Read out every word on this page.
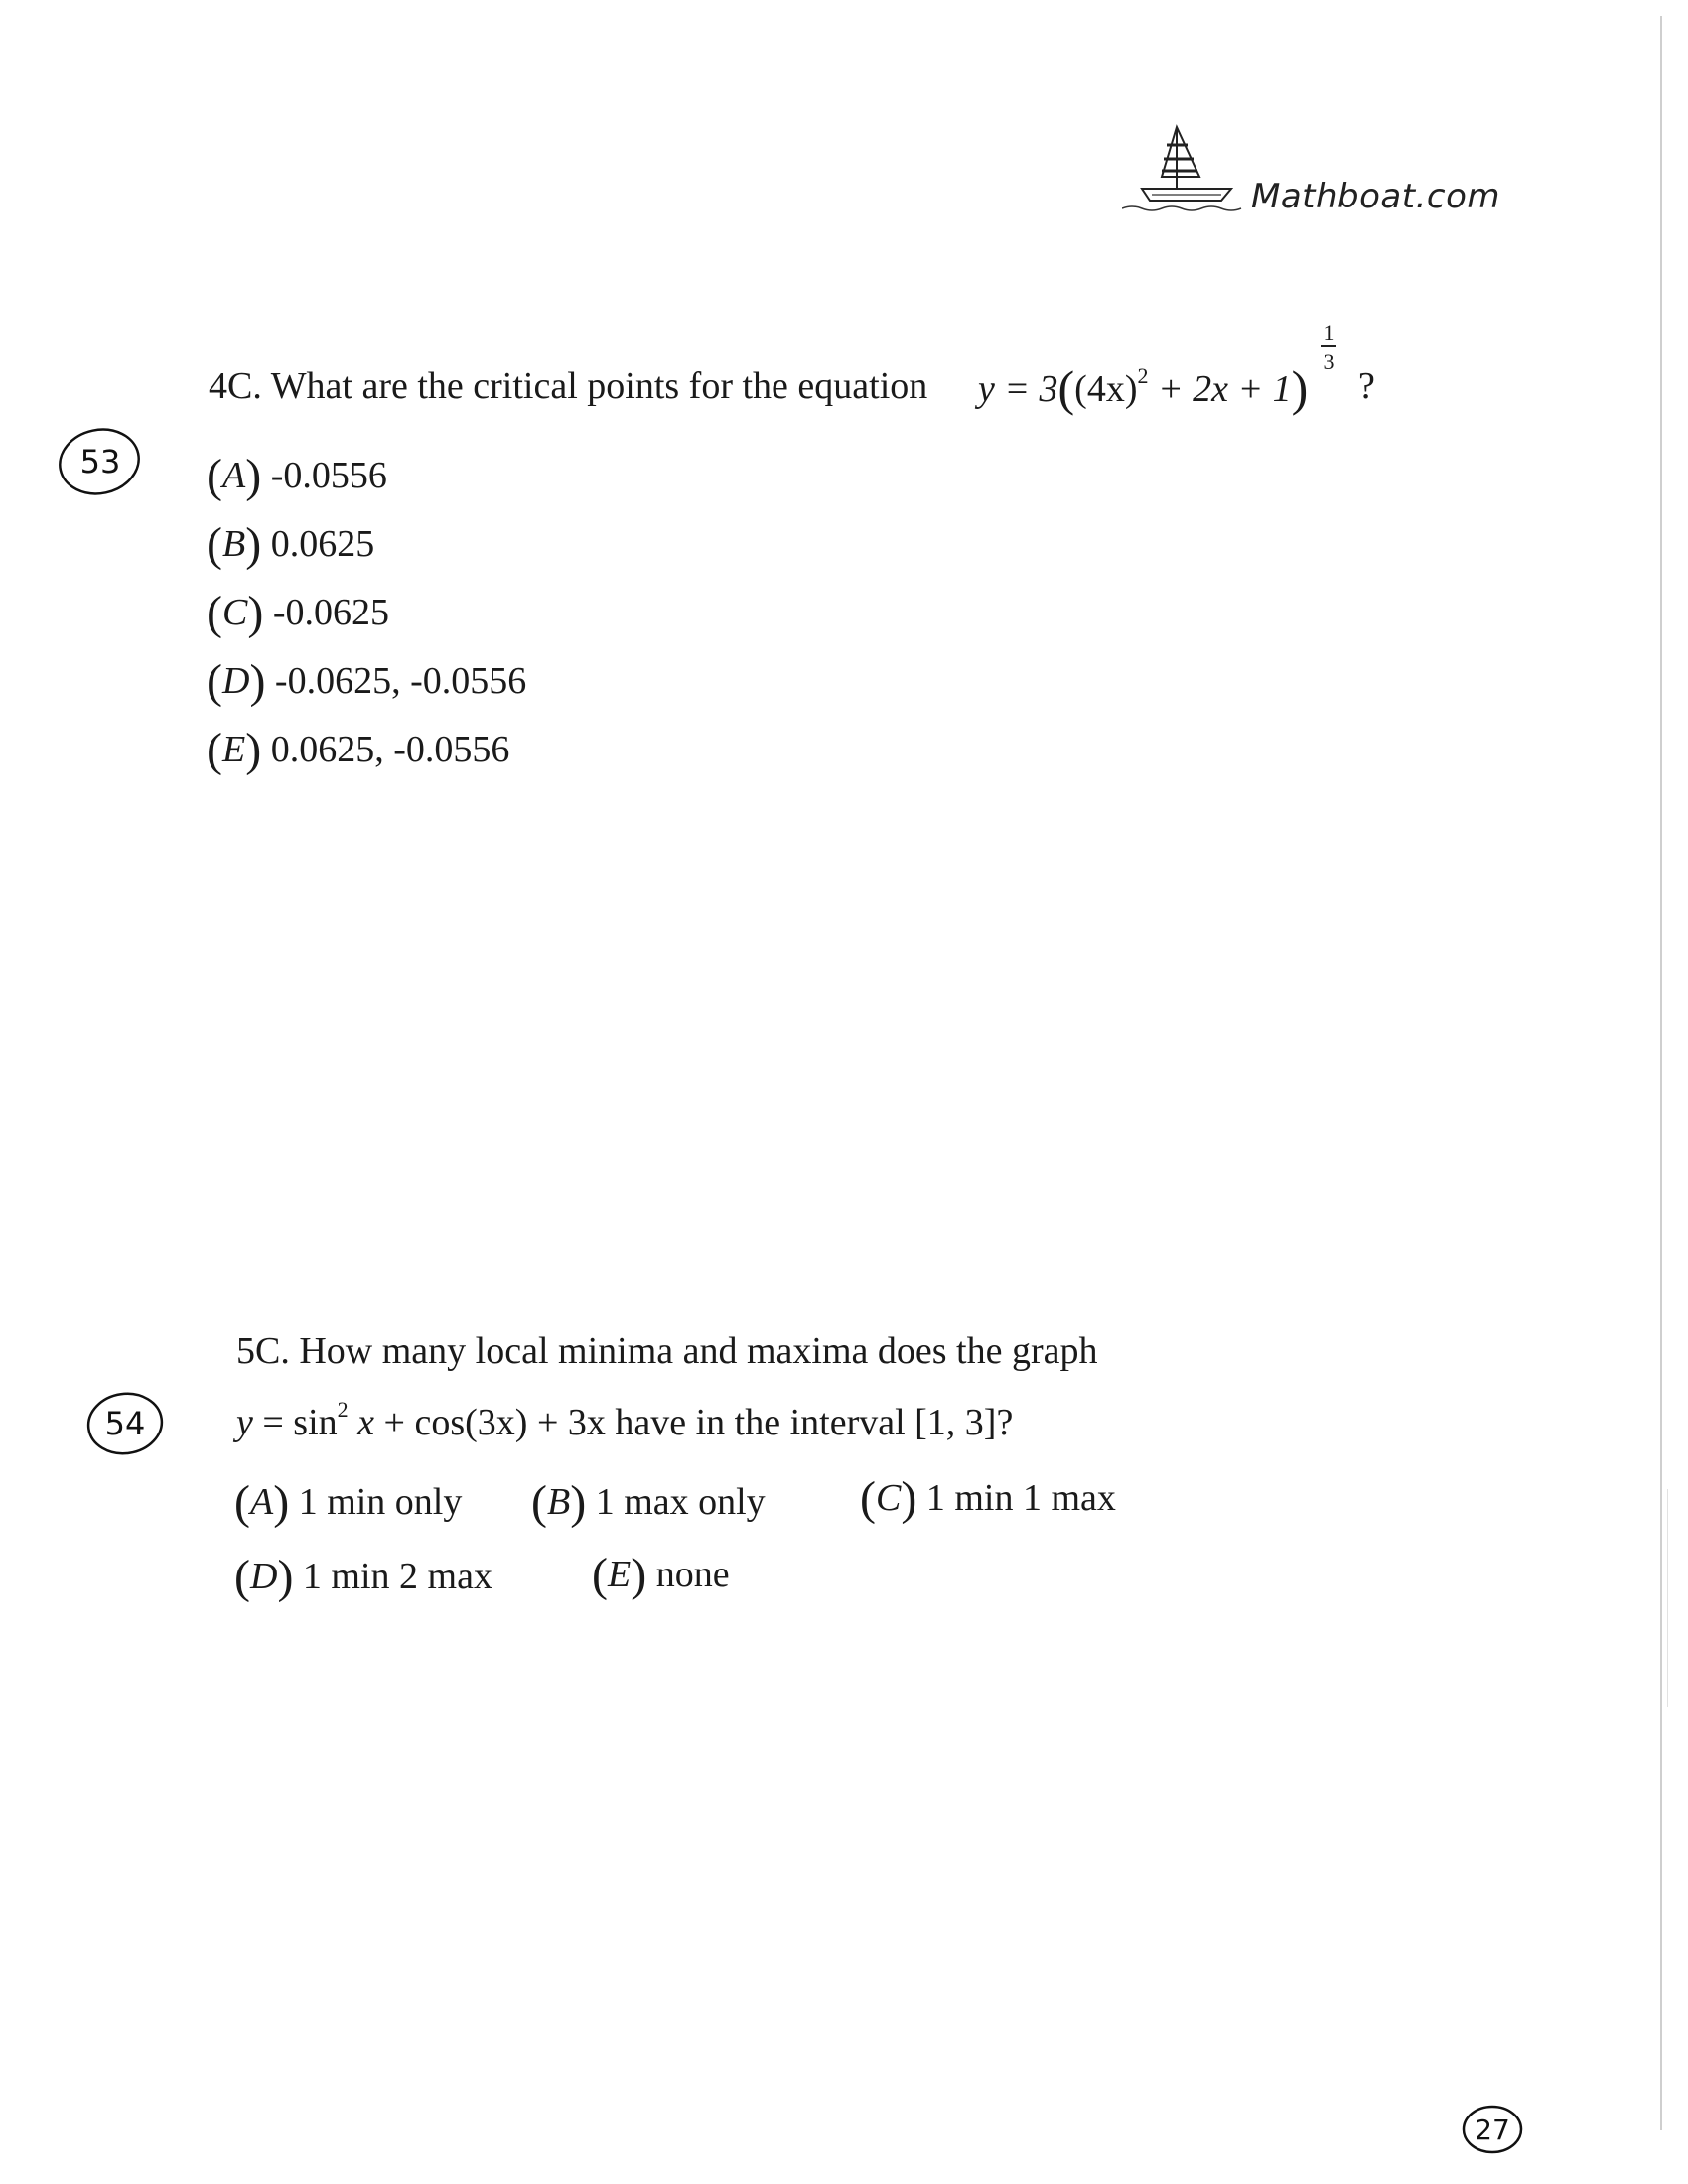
Mathboat.com
53
4C. What are the critical points for the equation $y = 3((4x)^2 + 2x + 1)$
1
3
?
(A) -0.0556
(B) 0.0625
(C) -0.0625
(D) -0.0625, -0.0556
(E) 0.0625, -0.0556
54
5C. How many local minima and maxima does the graph
$y = \sin^2 x + \cos(3x) + 3x$ have in the interval [1, 3]?
(A) 1 min only (B) 1 max only (C) 1 min 1 max
(D) 1 min 2 max (E) none
27
